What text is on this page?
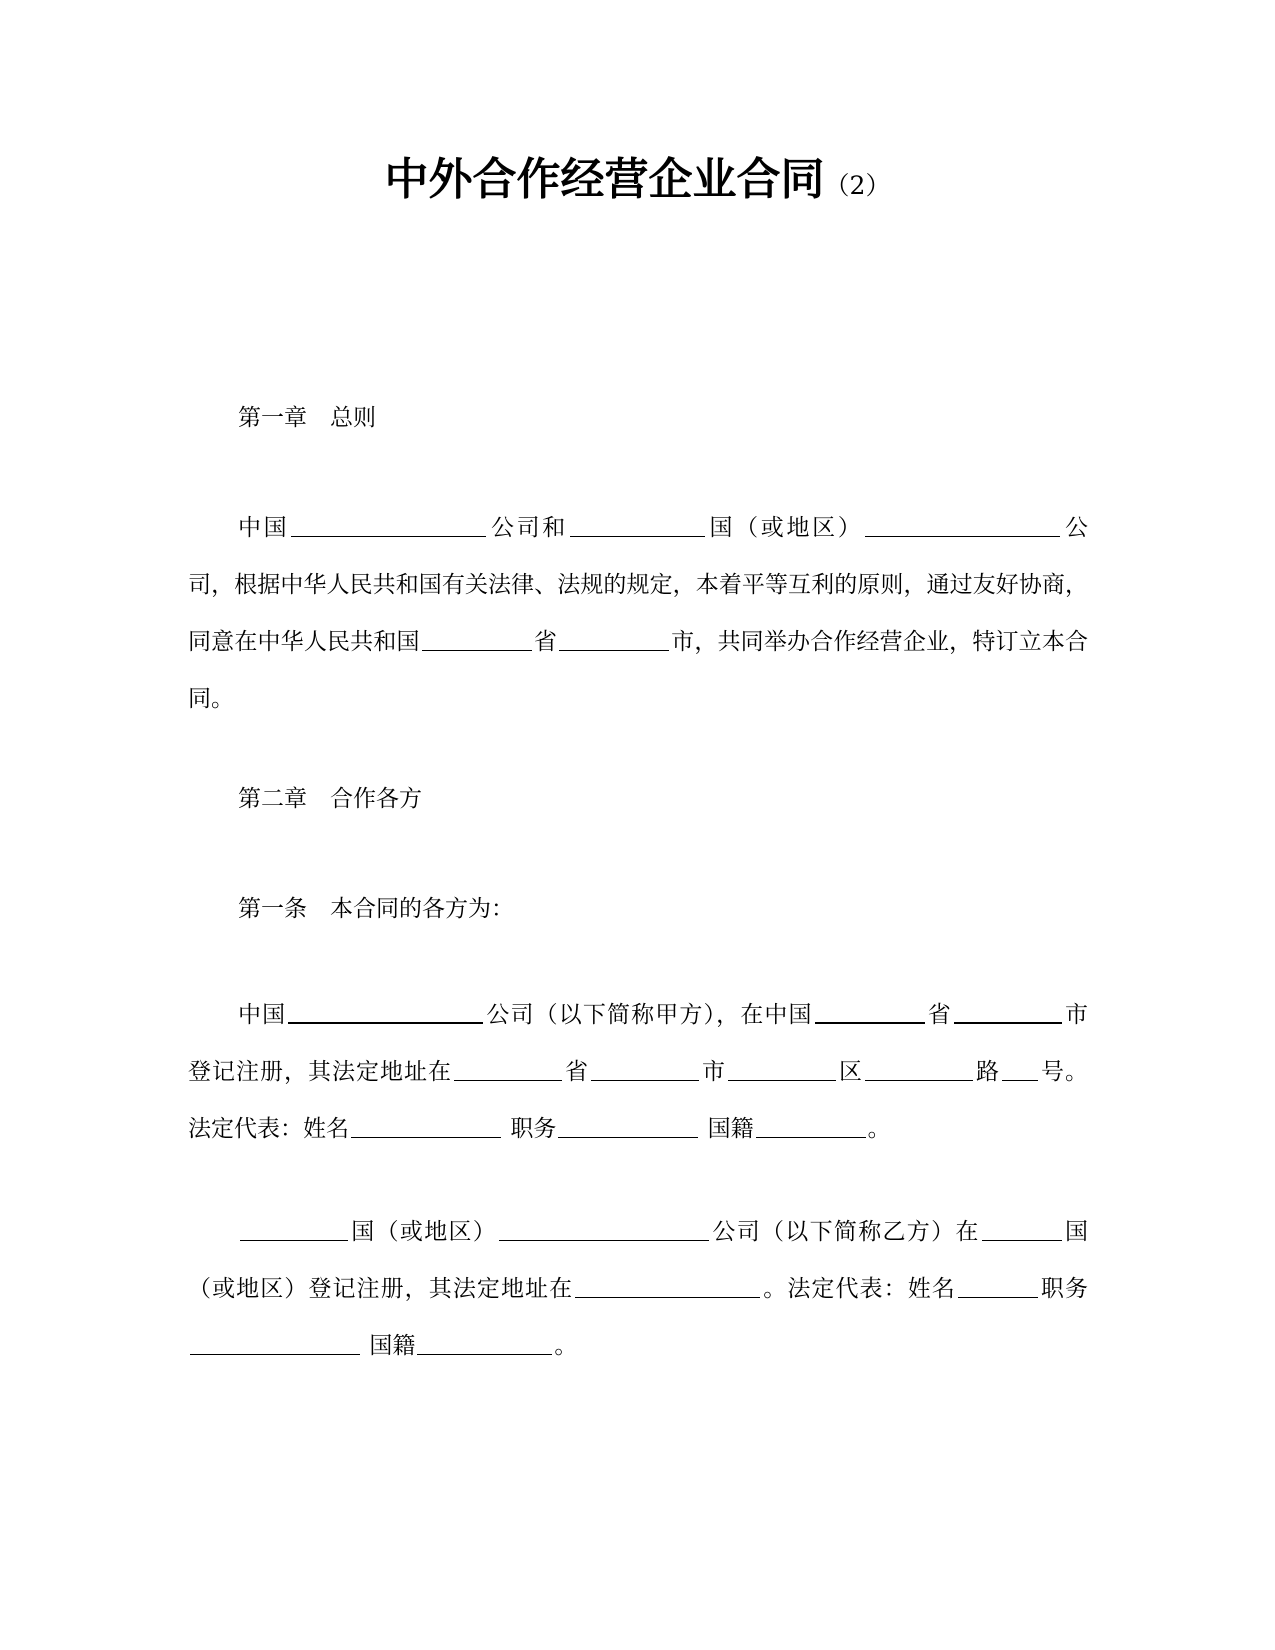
中外合作经营企业合同（2）
第一章　总则
中国	公司和	国（或地区）	公司，根据中华人民共和国有关法律、法规的规定，本着平等互利的原则，通过友好协商，同意在中华人民共和国	省	市，共同举办合作经营企业，特订立本合同。
第二章　合作各方
第一条　本合同的各方为：
中国	公司（以下简称甲方），在中国	省	市登记注册，其法定地址在	省	市	区	路 号。法定代表：姓名	职务	国籍	。
国（或地区）	公司（以下简称乙方）在	国（或地区）登记注册，其法定地址在	。法定代表：姓名	职务 国籍	。
